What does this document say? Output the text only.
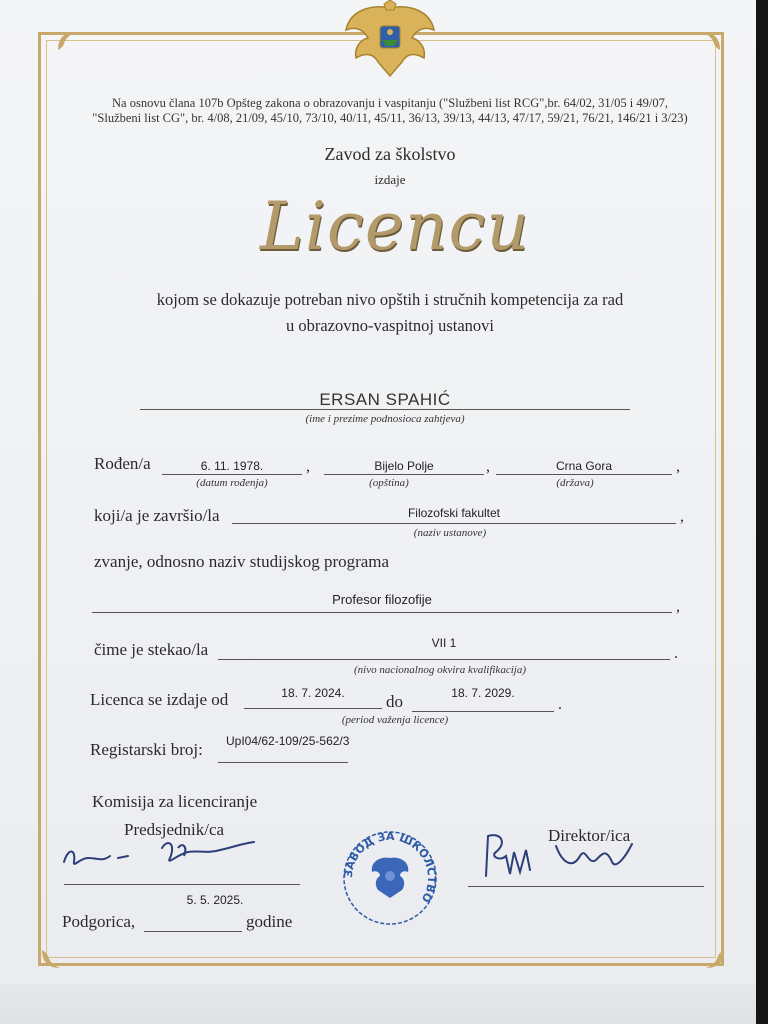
Na osnovu člana 107b Opšteg zakona o obrazovanju i vaspitanju ("Službeni list RCG",br. 64/02, 31/05 i 49/07,
"Službeni list CG", br. 4/08, 21/09, 45/10, 73/10, 40/11, 45/11, 36/13, 39/13, 44/13, 47/17, 59/21, 76/21, 146/21 i 3/23)
Zavod za školstvo
izdaje
Licencu
kojom se dokazuje potreban nivo opštih i stručnih kompetencija za rad
u obrazovno-vaspitnoj ustanovi
ERSAN SPAHIĆ
(ime i prezime podnosioca zahtjeva)
Rođen/a	6. 11. 1978.	,
(datum rođenja)
Bijelo Polje	,
(opština)
Crna Gora	,
(država)
koji/a je završio/la	Filozofski fakultet	,
(naziv ustanove)
zvanje, odnosno naziv studijskog programa
Profesor filozofije	,
čime je stekao/la	VII 1
.
(nivo nacionalnog okvira kvalifikacija)
Licenca se izdaje od	18. 7. 2024.	do	18. 7. 2029.
.
(period važenja licence)
Registarski broj: UpI04/62-109/25-562/3
Komisija za licenciranje
Predsjednik/ca	Direktor/ica
ЗАВОД ЗА ШКОЛСТВО
5. 5. 2025.
Podgorica,	godine
